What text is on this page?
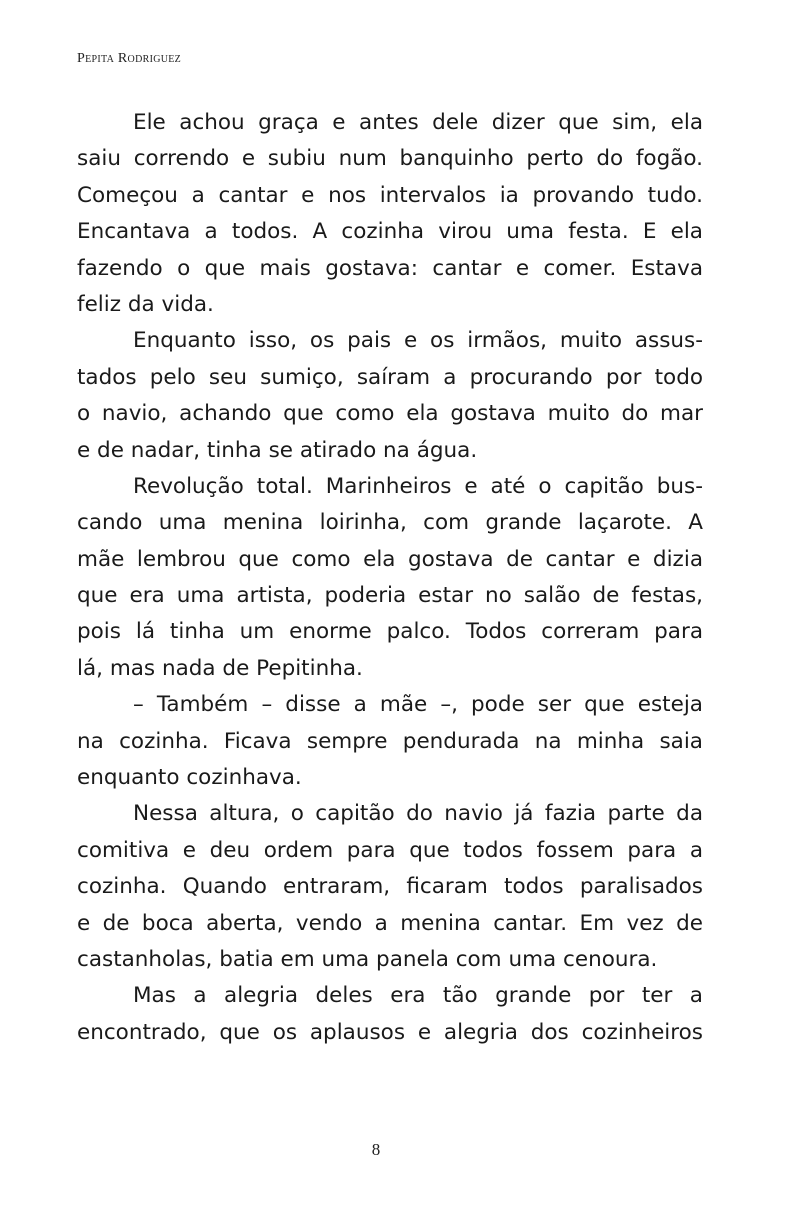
Pepita Rodriguez
Ele achou graça e antes dele dizer que sim, ela
saiu correndo e subiu num banquinho perto do fogão.
Começou a cantar e nos intervalos ia provando tudo.
Encantava a todos. A cozinha virou uma festa. E ela
fazendo o que mais gostava: cantar e comer. Estava
feliz da vida.
Enquanto isso, os pais e os irmãos, muito assus-
tados pelo seu sumiço, saíram a procurando por todo
o navio, achando que como ela gostava muito do mar
e de nadar, tinha se atirado na água.
Revolução total. Marinheiros e até o capitão bus-
cando uma menina loirinha, com grande laçarote. A
mãe lembrou que como ela gostava de cantar e dizia
que era uma artista, poderia estar no salão de festas,
pois lá tinha um enorme palco. Todos correram para
lá, mas nada de Pepitinha.
– Também – disse a mãe –, pode ser que esteja
na cozinha. Ficava sempre pendurada na minha saia
enquanto cozinhava.
Nessa altura, o capitão do navio já fazia parte da
comitiva e deu ordem para que todos fossem para a
cozinha. Quando entraram, ficaram todos paralisados
e de boca aberta, vendo a menina cantar. Em vez de
castanholas, batia em uma panela com uma cenoura.
Mas a alegria deles era tão grande por ter a
encontrado, que os aplausos e alegria dos cozinheiros
8
